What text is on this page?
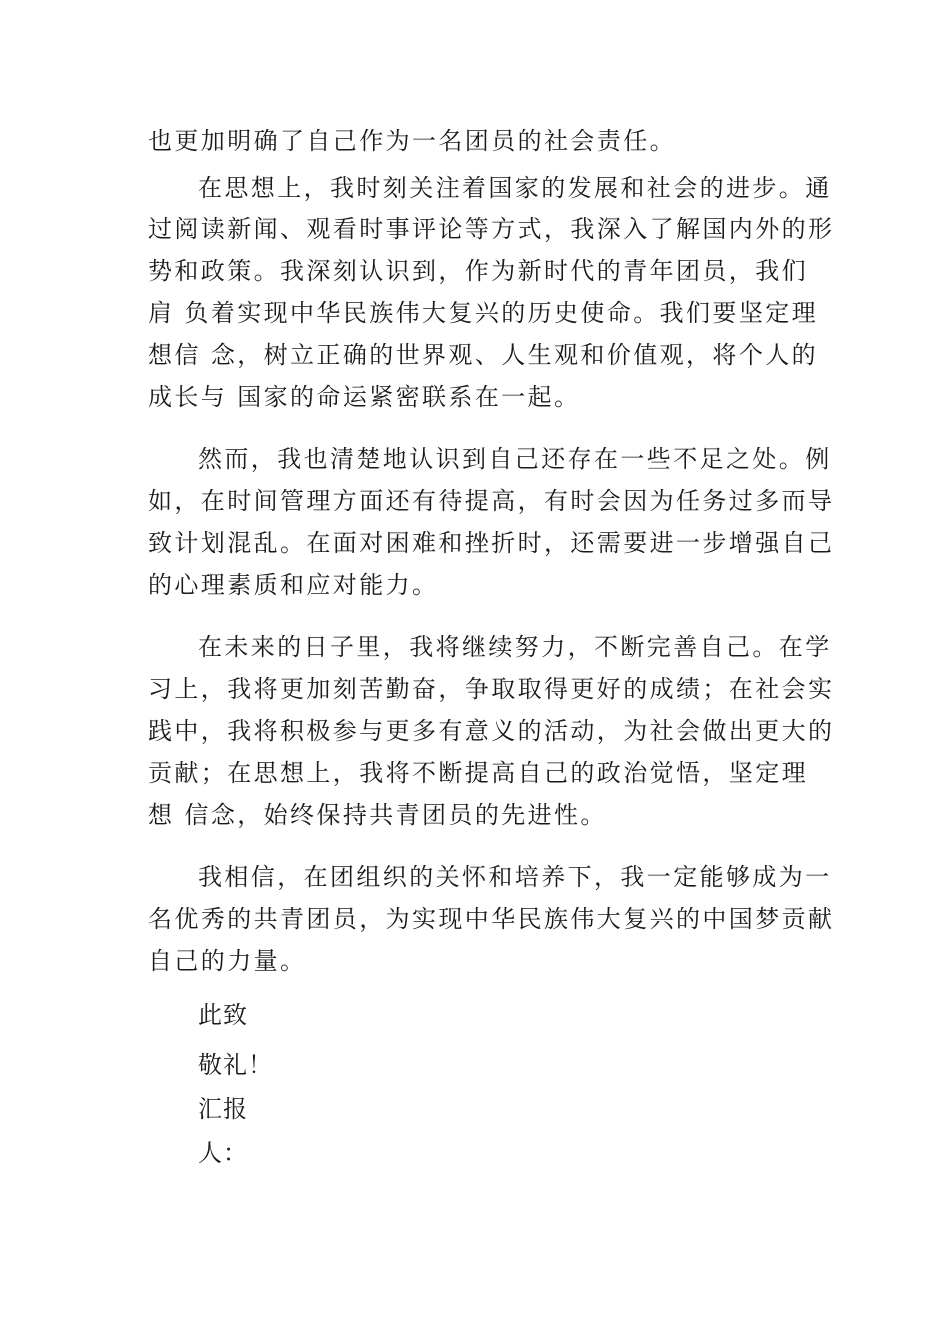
也更加明确了自己作为一名团员的社会责任。
在思想上，我时刻关注着国家的发展和社会的进步。通
过阅读新闻、观看时事评论等方式，我深入了解国内外的形
势和政策。我深刻认识到，作为新时代的青年团员，我们
肩 负着实现中华民族伟大复兴的历史使命。我们要坚定理
想信 念，树立正确的世界观、人生观和价值观，将个人的
成长与 国家的命运紧密联系在一起。
然而，我也清楚地认识到自己还存在一些不足之处。例
如，在时间管理方面还有待提高，有时会因为任务过多而导
致计划混乱。在面对困难和挫折时，还需要进一步增强自己
的心理素质和应对能力。
在未来的日子里，我将继续努力，不断完善自己。在学
习上，我将更加刻苦勤奋，争取取得更好的成绩；在社会实
践中，我将积极参与更多有意义的活动，为社会做出更大的
贡献；在思想上，我将不断提高自己的政治觉悟，坚定理
想 信念，始终保持共青团员的先进性。
我相信，在团组织的关怀和培养下，我一定能够成为一
名优秀的共青团员，为实现中华民族伟大复兴的中国梦贡献
自己的力量。
此致
敬礼！
汇报
人：
